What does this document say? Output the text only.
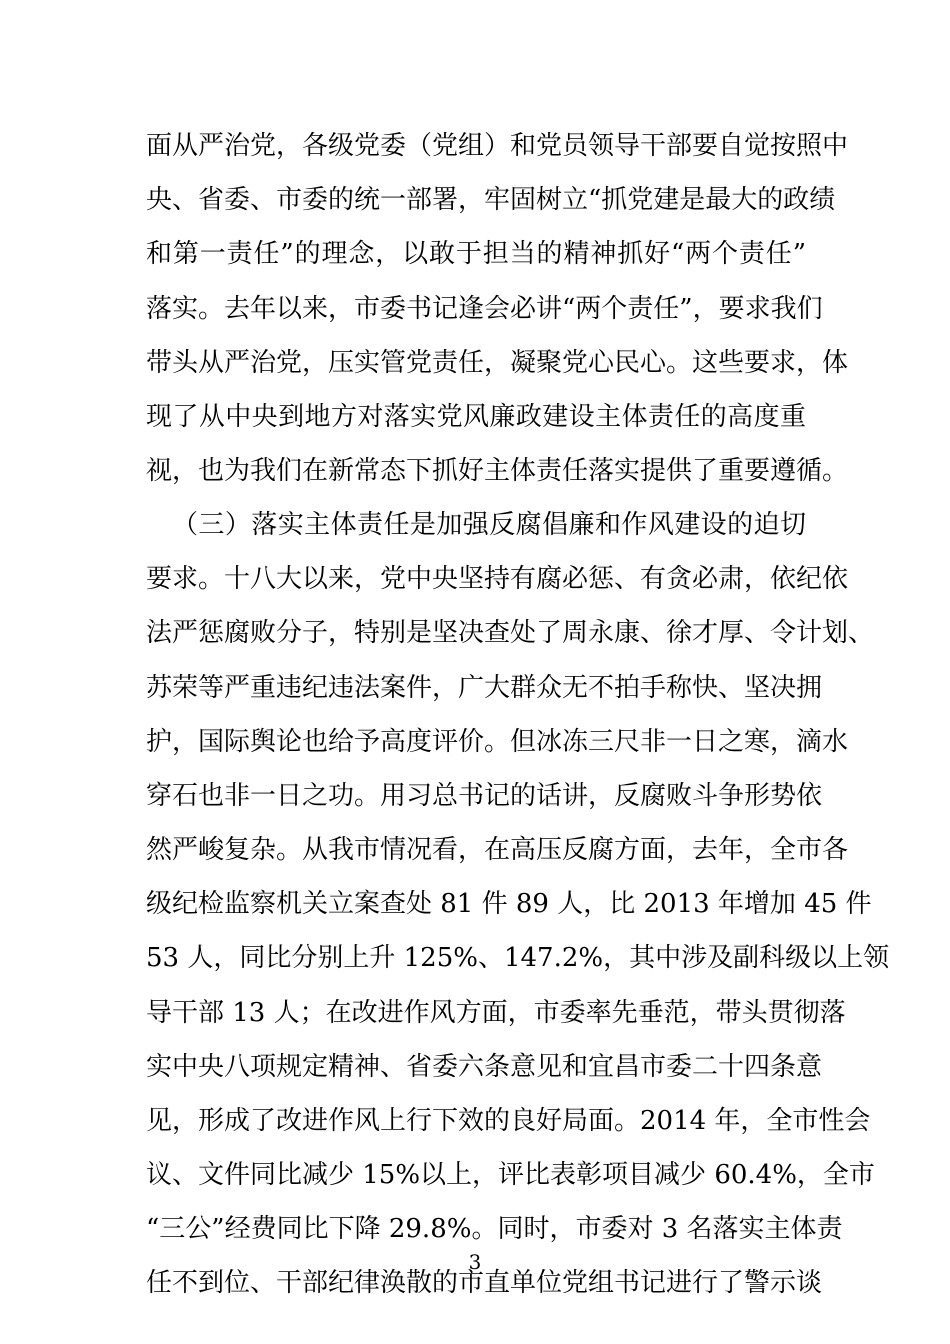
面从严治党，各级党委（党组）和党员领导干部要自觉按照中
央、省委、市委的统一部署，牢固树立“抓党建是最大的政绩
和第一责任”的理念，以敢于担当的精神抓好“两个责任”
落实。去年以来，市委书记逢会必讲“两个责任”，要求我们
带头从严治党，压实管党责任，凝聚党心民心。这些要求，体
现了从中央到地方对落实党风廉政建设主体责任的高度重
视，也为我们在新常态下抓好主体责任落实提供了重要遵循。
（三）落实主体责任是加强反腐倡廉和作风建设的迫切
要求。十八大以来，党中央坚持有腐必惩、有贪必肃，依纪依
法严惩腐败分子，特别是坚决查处了周永康、徐才厚、令计划、
苏荣等严重违纪违法案件，广大群众无不拍手称快、坚决拥
护，国际舆论也给予高度评价。但冰冻三尺非一日之寒，滴水
穿石也非一日之功。用习总书记的话讲，反腐败斗争形势依
然严峻复杂。从我市情况看，在高压反腐方面，去年，全市各
级纪检监察机关立案查处 81 件 89 人，比 2013 年增加 45 件
53 人，同比分别上升 125%、147.2%，其中涉及副科级以上领
导干部 13 人；在改进作风方面，市委率先垂范，带头贯彻落
实中央八项规定精神、省委六条意见和宜昌市委二十四条意
见，形成了改进作风上行下效的良好局面。2014 年，全市性会
议、文件同比减少 15%以上，评比表彰项目减少 60.4%，全市
“三公”经费同比下降 29.8%。同时，市委对 3 名落实主体责
任不到位、干部纪律涣散的市直单位党组书记进行了警示谈
3
